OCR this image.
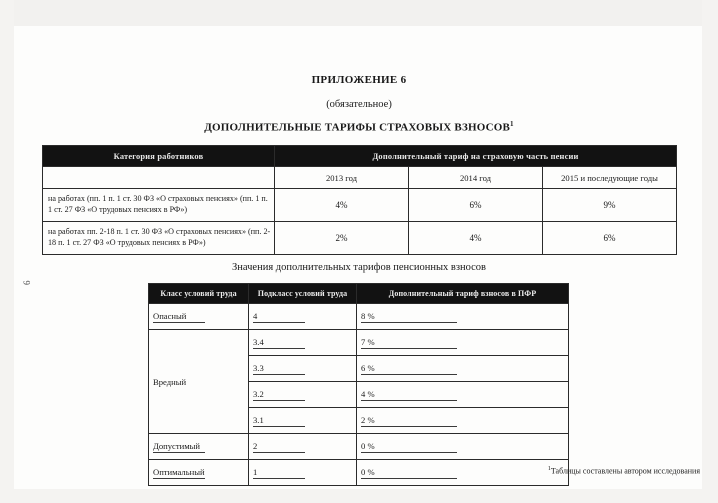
ПРИЛОЖЕНИЕ 6
(обязательное)
ДОПОЛНИТЕЛЬНЫЕ ТАРИФЫ СТРАХОВЫХ ВЗНОСОВ$^1$
Категория работников	Дополнительный тариф на страховую часть пенсии		
	2013 год	2014 год	2015 и последующие годы
на работах (пп. 1 п. 1 ст. 30 ФЗ «О страховых пенсиях» (пп. 1 п. 1 ст. 27 ФЗ «О трудовых пенсиях в РФ»)	4%	6%	9%
на работах пп. 2-18 п. 1 ст. 30 ФЗ «О страховых пенсиях» (пп. 2-18 п. 1 ст. 27 ФЗ «О трудовых пенсиях в РФ»)	2%	4%	6%
Значения дополнительных тарифов пенсионных взносов
6
Класс условий труда	Подкласс условий труда	Дополнительный тариф взносов в ПФР
Опасный	4	8 %
Вредный	3.4	7 %
	3.3	6 %
	3.2	4 %
	3.1	2 %
Допустимый	2	0 %
Оптимальный	1	0 %	$^1$Таблицы составлены автором исследования
